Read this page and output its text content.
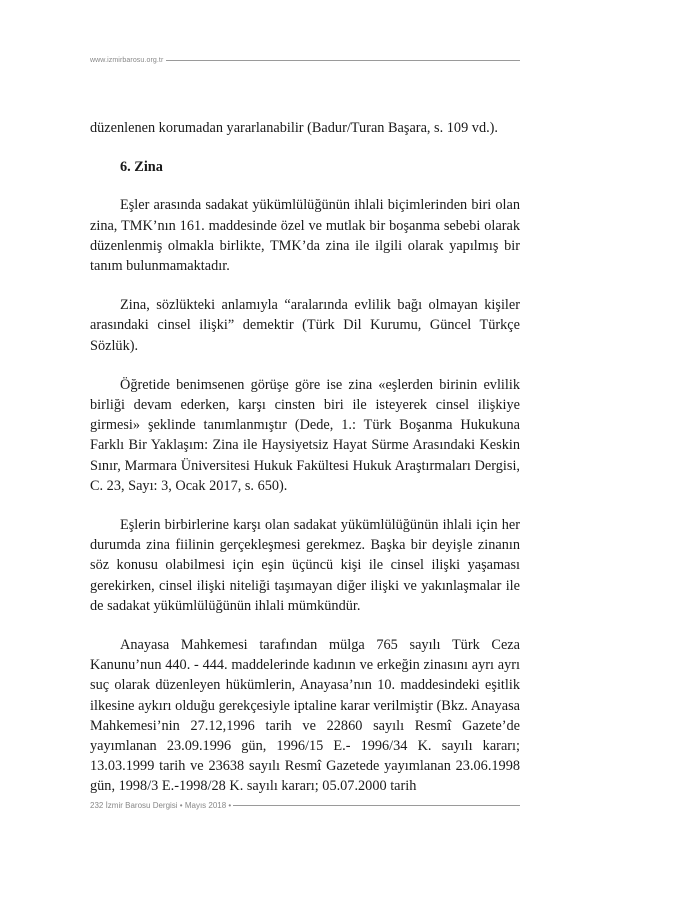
www.izmirbarosu.org.tr

düzenlenen korumadan yararlanabilir (Badur/Turan Başara, s. 109 vd.).

6. Zina

Eşler arasında sadakat yükümlülüğünün ihlali biçimlerinden biri olan zina, TMK’nın 161. maddesinde özel ve mutlak bir boşanma sebebi olarak düzenlenmiş olmakla birlikte, TMK’da zina ile ilgili olarak yapılmış bir tanım bulunmamaktadır.

Zina, sözlükteki anlamıyla “aralarında evlilik bağı olmayan kişiler arasındaki cinsel ilişki” demektir (Türk Dil Kurumu, Güncel Türkçe Sözlük).

Öğretide benimsenen görüşe göre ise zina «eşlerden birinin evlilik birliği devam ederken, karşı cinsten biri ile isteyerek cinsel ilişkiye girmesi» şeklinde tanımlanmıştır (Dede, 1.: Türk Boşanma Hukukuna Farklı Bir Yaklaşım: Zina ile Haysiyetsiz Hayat Sürme Arasındaki Keskin Sınır, Marmara Üniversitesi Hukuk Fakültesi Hukuk Araştırmaları Dergisi, C. 23, Sayı: 3, Ocak 2017, s. 650).

Eşlerin birbirlerine karşı olan sadakat yükümlülüğünün ihlali için her durumda zina fiilinin gerçekleşmesi gerekmez. Başka bir deyişle zinanın söz konusu olabilmesi için eşin üçüncü kişi ile cinsel ilişki yaşaması gerekirken, cinsel ilişki niteliği taşımayan diğer ilişki ve yakınlaşmalar ile de sadakat yükümlülüğünün ihlali mümkündür.

Anayasa Mahkemesi tarafından mülga 765 sayılı Türk Ceza Kanunu’nun 440. - 444. maddelerinde kadının ve erkeğin zinasını ayrı ayrı suç olarak düzenleyen hükümlerin, Anayasa’nın 10. maddesindeki eşitlik ilkesine aykırı olduğu gerekçesiyle iptaline karar verilmiştir (Bkz. Anayasa Mahkemesi’nin 27.12,1996 tarih ve 22860 sayılı Resmî Gazete’de yayımlanan 23.09.1996 gün, 1996/15 E.- 1996/34 K. sayılı kararı; 13.03.1999 tarih ve 23638 sayılı Resmî Gazetede yayımlanan 23.06.1998 gün, 1998/3 E.-1998/28 K. sayılı kararı; 05.07.2000 tarih

232 İzmir Barosu Dergisi • Mayıs 2018 •
